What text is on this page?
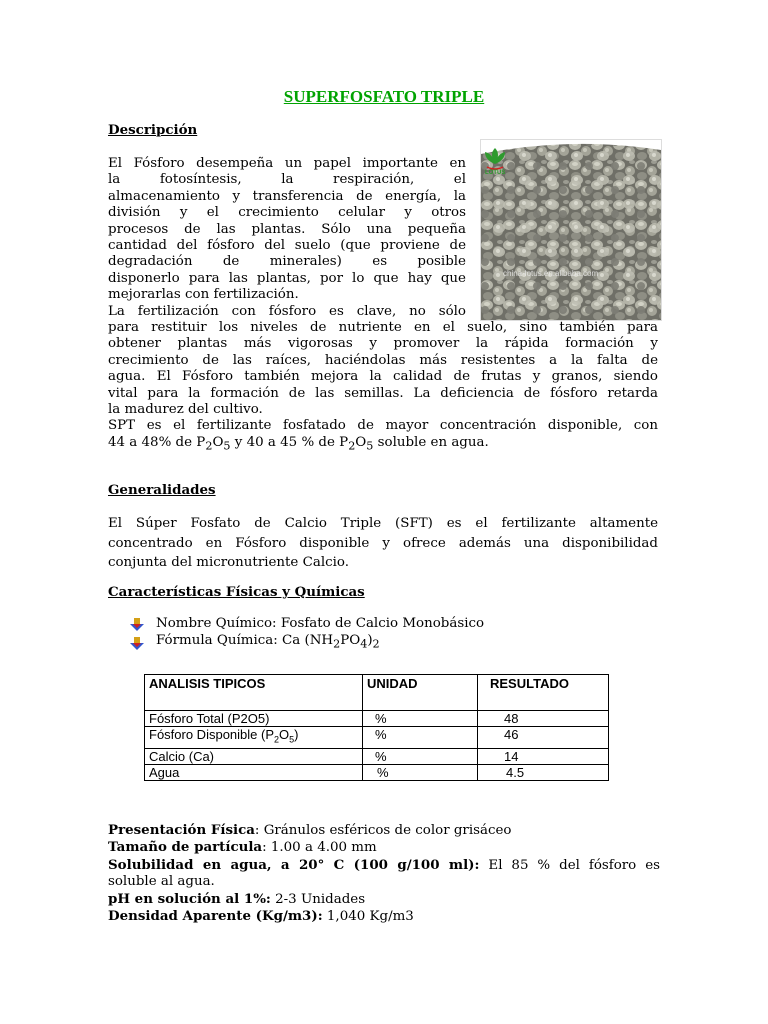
SUPERFOSFATO TRIPLE
Descripción
El Fósforo desempeña un papel importante en
la fotosíntesis, la respiración, el
almacenamiento y transferencia de energía, la
división y el crecimiento celular y otros
procesos de las plantas. Sólo una pequeña
cantidad del fósforo del suelo (que proviene de
degradación de minerales) es posible
disponerlo para las plantas, por lo que hay que
mejorarlas con fertilización.
La fertilización con fósforo es clave, no sólo
LOTUS
china-lotus.en.alibaba.com
para restituir los niveles de nutriente en el suelo, sino también para
obtener plantas más vigorosas y promover la rápida formación y
crecimiento de las raíces, haciéndolas más resistentes a la falta de
agua. El Fósforo también mejora la calidad de frutas y granos, siendo
vital para la formación de las semillas. La deficiencia de fósforo retarda
la madurez del cultivo.
SPT es el fertilizante fosfatado de mayor concentración disponible, con
44 a 48% de $P_2O_5$ y 40 a 45 % de $P_2O_5$ soluble en agua.
Generalidades
El Súper Fosfato de Calcio Triple (SFT) es el fertilizante altamente
concentrado en Fósforo disponible y ofrece además una disponibilidad
conjunta del micronutriente Calcio.
Características Físicas y Químicas
Nombre Químico: Fosfato de Calcio Monobásico
Fórmula Química: Ca $(NH_2PO_4)_2$
ANALISIS TIPICOS	UNIDAD	RESULTADO
Fósforo Total (P2O5)	%	48
Fósforo Disponible $(P_2O_5)$	%	46
Calcio (Ca)	%	14
Agua	%	4.5
Presentación Física: Gránulos esféricos de color grisáceo
Tamaño de partícula: 1.00 a 4.00 mm
Solubilidad en agua, a 20° C (100 g/100 ml): El 85 % del fósforo es
soluble al agua.
pH en solución al 1%: 2-3 Unidades
Densidad Aparente (Kg/m3): 1,040 Kg/m3
